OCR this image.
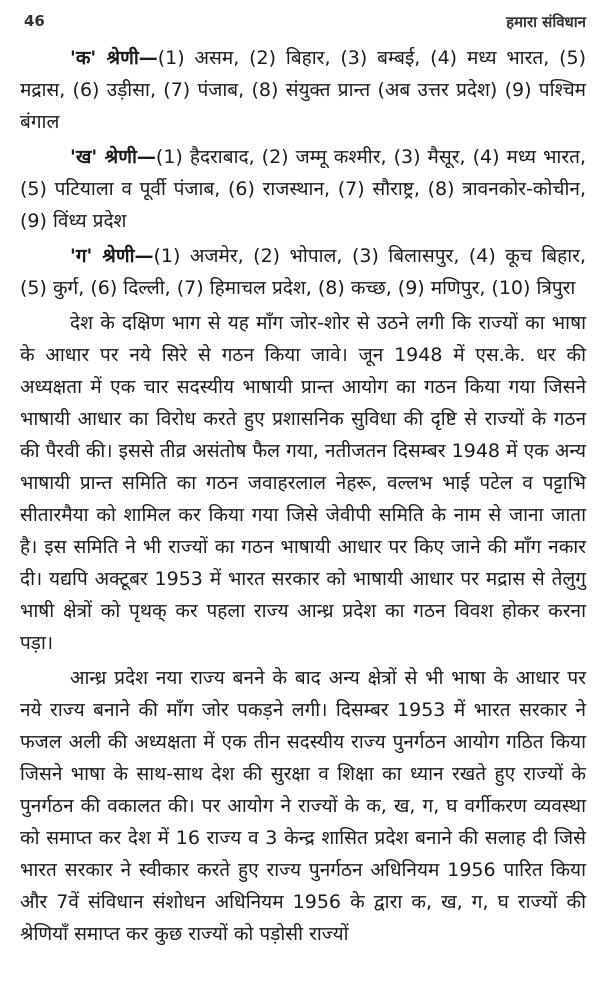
46	हमारा संविधान

'क' श्रेणी—(1) असम, (2) बिहार, (3) बम्बई, (4) मध्य भारत, (5) मद्रास, (6) उड़ीसा, (7) पंजाब, (8) संयुक्त प्रान्त (अब उत्तर प्रदेश) (9) पश्चिम बंगाल

'ख' श्रेणी—(1) हैदराबाद, (2) जम्मू कश्मीर, (3) मैसूर, (4) मध्य भारत, (5) पटियाला व पूर्वी पंजाब, (6) राजस्थान, (7) सौराष्ट्र, (8) त्रावनकोर-कोचीन, (9) विंध्य प्रदेश

'ग' श्रेणी—(1) अजमेर, (2) भोपाल, (3) बिलासपुर, (4) कूच बिहार, (5) कुर्ग, (6) दिल्ली, (7) हिमाचल प्रदेश, (8) कच्छ, (9) मणिपुर, (10) त्रिपुरा

देश के दक्षिण भाग से यह माँग जोर-शोर से उठने लगी कि राज्यों का भाषा के आधार पर नये सिरे से गठन किया जावे। जून 1948 में एस.के. धर की अध्यक्षता में एक चार सदस्यीय भाषायी प्रान्त आयोग का गठन किया गया जिसने भाषायी आधार का विरोध करते हुए प्रशासनिक सुविधा की दृष्टि से राज्यों के गठन की पैरवी की। इससे तीव्र असंतोष फैल गया, नतीजतन दिसम्बर 1948 में एक अन्य भाषायी प्रान्त समिति का गठन जवाहरलाल नेहरू, वल्लभ भाई पटेल व पट्टाभि सीतारमैया को शामिल कर किया गया जिसे जेवीपी समिति के नाम से जाना जाता है। इस समिति ने भी राज्यों का गठन भाषायी आधार पर किए जाने की माँग नकार दी। यद्यपि अक्टूबर 1953 में भारत सरकार को भाषायी आधार पर मद्रास से तेलुगु भाषी क्षेत्रों को पृथक् कर पहला राज्य आन्ध्र प्रदेश का गठन विवश होकर करना पड़ा।

आन्ध्र प्रदेश नया राज्य बनने के बाद अन्य क्षेत्रों से भी भाषा के आधार पर नये राज्य बनाने की माँग जोर पकड़ने लगी। दिसम्बर 1953 में भारत सरकार ने फजल अली की अध्यक्षता में एक तीन सदस्यीय राज्य पुनर्गठन आयोग गठित किया जिसने भाषा के साथ-साथ देश की सुरक्षा व शिक्षा का ध्यान रखते हुए राज्यों के पुनर्गठन की वकालत की। पर आयोग ने राज्यों के क, ख, ग, घ वर्गीकरण व्यवस्था को समाप्त कर देश में 16 राज्य व 3 केन्द्र शासित प्रदेश बनाने की सलाह दी जिसे भारत सरकार ने स्वीकार करते हुए राज्य पुनर्गठन अधिनियम 1956 पारित किया और 7वें संविधान संशोधन अधिनियम 1956 के द्वारा क, ख, ग, घ राज्यों की श्रेणियाँ समाप्त कर कुछ राज्यों को पड़ोसी राज्यों
